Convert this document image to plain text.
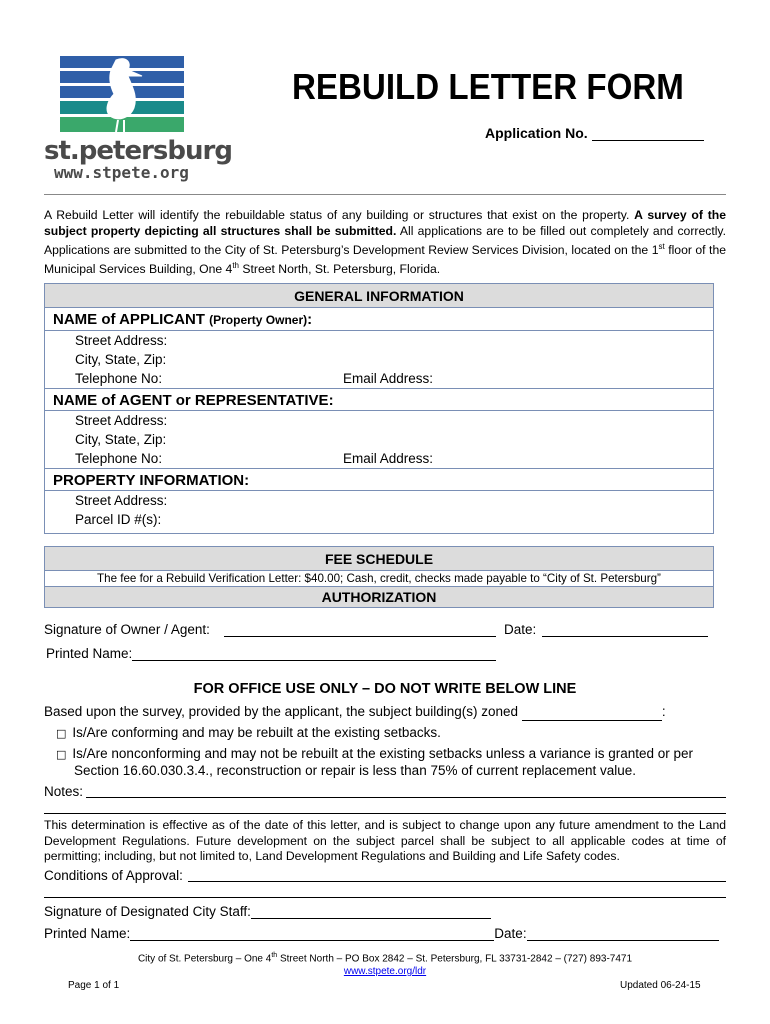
st.petersburg
www.stpete.org
REBUILD LETTER FORM
Application No.
A Rebuild Letter will identify the rebuildable status of any building or structures that exist on the property. A survey of the subject property depicting all structures shall be submitted. All applications are to be filled out completely and correctly. Applications are submitted to the City of St. Petersburg’s Development Review Services Division, located on the 1st floor of the Municipal Services Building, One 4th Street North, St. Petersburg, Florida.
GENERAL INFORMATION
NAME of APPLICANT (Property Owner):
Street Address:
City, State, Zip:
Telephone No:	Email Address:
NAME of AGENT or REPRESENTATIVE:
Street Address:
City, State, Zip:
Telephone No:	Email Address:
PROPERTY INFORMATION:
Street Address:
Parcel ID #(s):
FEE SCHEDULE
The fee for a Rebuild Verification Letter: $40.00; Cash, credit, checks made payable to “City of St. Petersburg”
AUTHORIZATION
Signature of Owner / Agent:	Date:
Printed Name:
FOR OFFICE USE ONLY – DO NOT WRITE BELOW LINE
Based upon the survey, provided by the applicant, the subject building(s) zoned	:
□ Is/Are conforming and may be rebuilt at the existing setbacks.
□ Is/Are nonconforming and may not be rebuilt at the existing setbacks unless a variance is granted or per
Section 16.60.030.3.4., reconstruction or repair is less than 75% of current replacement value.
Notes:
This determination is effective as of the date of this letter, and is subject to change upon any future amendment to the Land Development Regulations. Future development on the subject parcel shall be subject to all applicable codes at time of permitting; including, but not limited to, Land Development Regulations and Building and Life Safety codes.
Conditions of Approval:
Signature of Designated City Staff:
Printed Name:	Date:
City of St. Petersburg – One 4th Street North – PO Box 2842 – St. Petersburg, FL 33731-2842 – (727) 893-7471
www.stpete.org/ldr
Page 1 of 1	Updated 06-24-15
